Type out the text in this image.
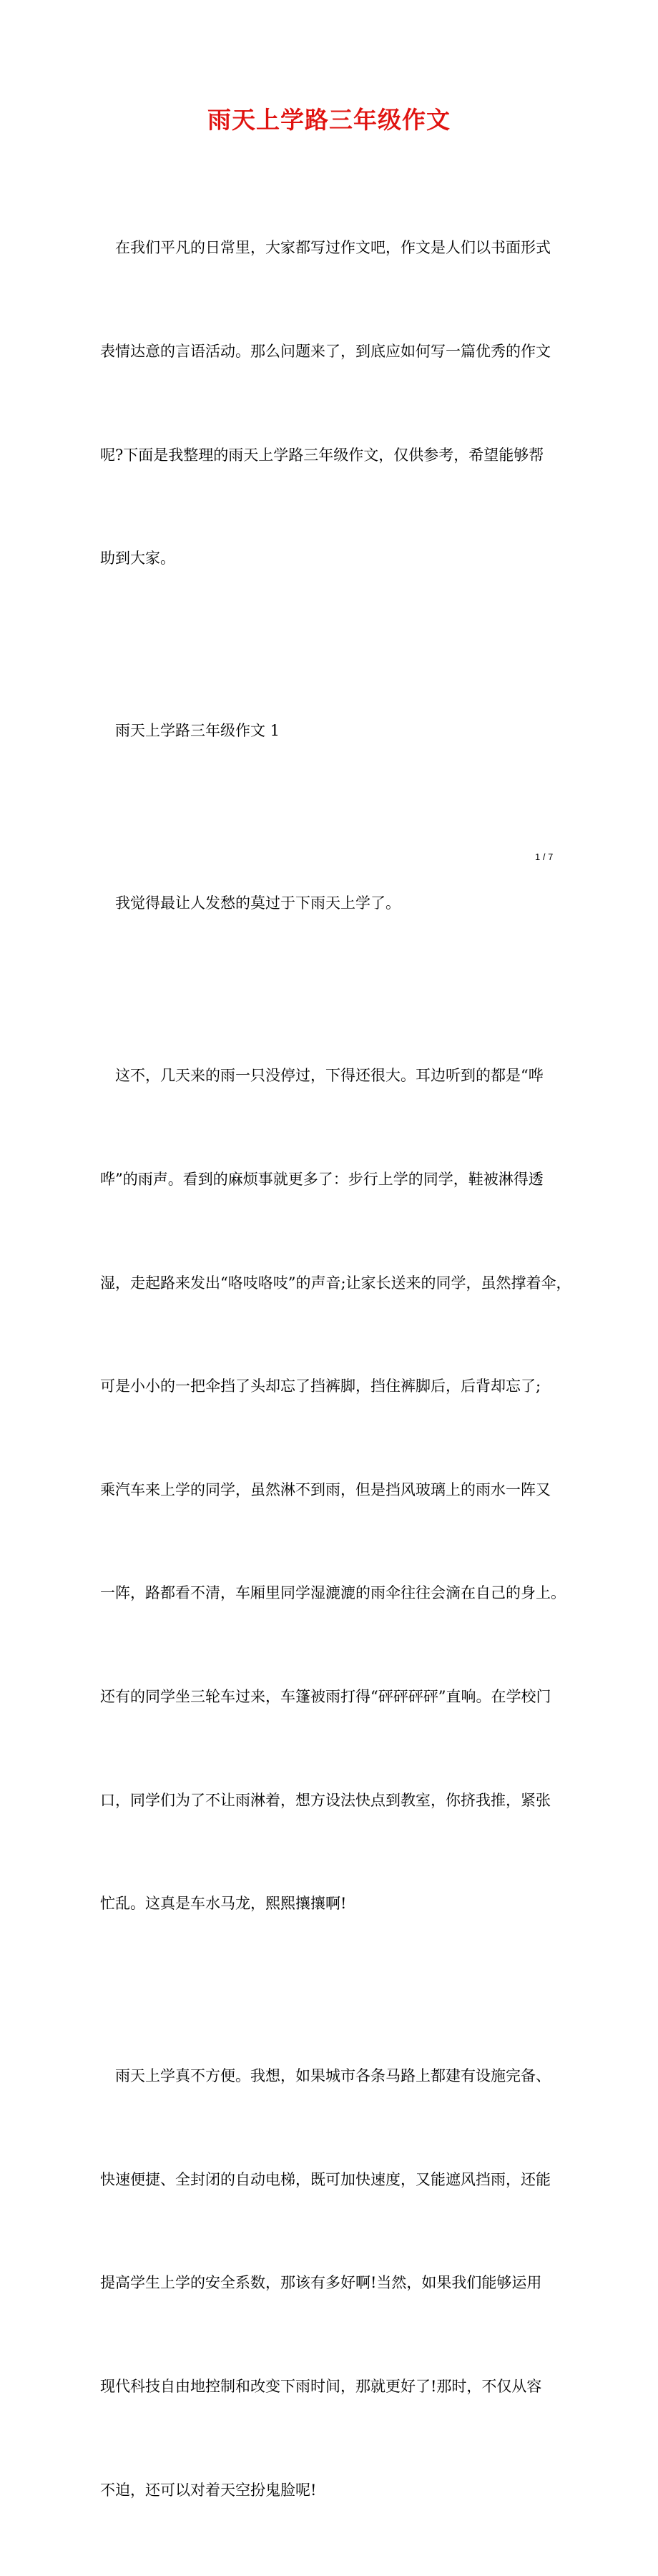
雨天上学路三年级作文

在我们平凡的日常里，大家都写过作文吧，作文是人们以书面形式

表情达意的言语活动。那么问题来了，到底应如何写一篇优秀的作文

呢?下面是我整理的雨天上学路三年级作文，仅供参考，希望能够帮

助到大家。

雨天上学路三年级作文 1

我觉得最让人发愁的莫过于下雨天上学了。

这不，几天来的雨一只没停过，下得还很大。耳边听到的都是“哗

哗”的雨声。看到的麻烦事就更多了：步行上学的同学，鞋被淋得透

湿，走起路来发出“咯吱咯吱”的声音;让家长送来的同学，虽然撑着伞，

可是小小的一把伞挡了头却忘了挡裤脚，挡住裤脚后，后背却忘了;

乘汽车来上学的同学，虽然淋不到雨，但是挡风玻璃上的雨水一阵又

一阵，路都看不清，车厢里同学湿漉漉的雨伞往往会滴在自己的身上。

还有的同学坐三轮车过来，车篷被雨打得“砰砰砰砰”直响。在学校门

口，同学们为了不让雨淋着，想方设法快点到教室，你挤我推，紧张

忙乱。这真是车水马龙，熙熙攘攘啊!

雨天上学真不方便。我想，如果城市各条马路上都建有设施完备、

快速便捷、全封闭的自动电梯，既可加快速度，又能遮风挡雨，还能

提高学生上学的安全系数，那该有多好啊!当然，如果我们能够运用

现代科技自由地控制和改变下雨时间，那就更好了!那时，不仅从容

不迫，还可以对着天空扮鬼脸呢!

1 / 7
